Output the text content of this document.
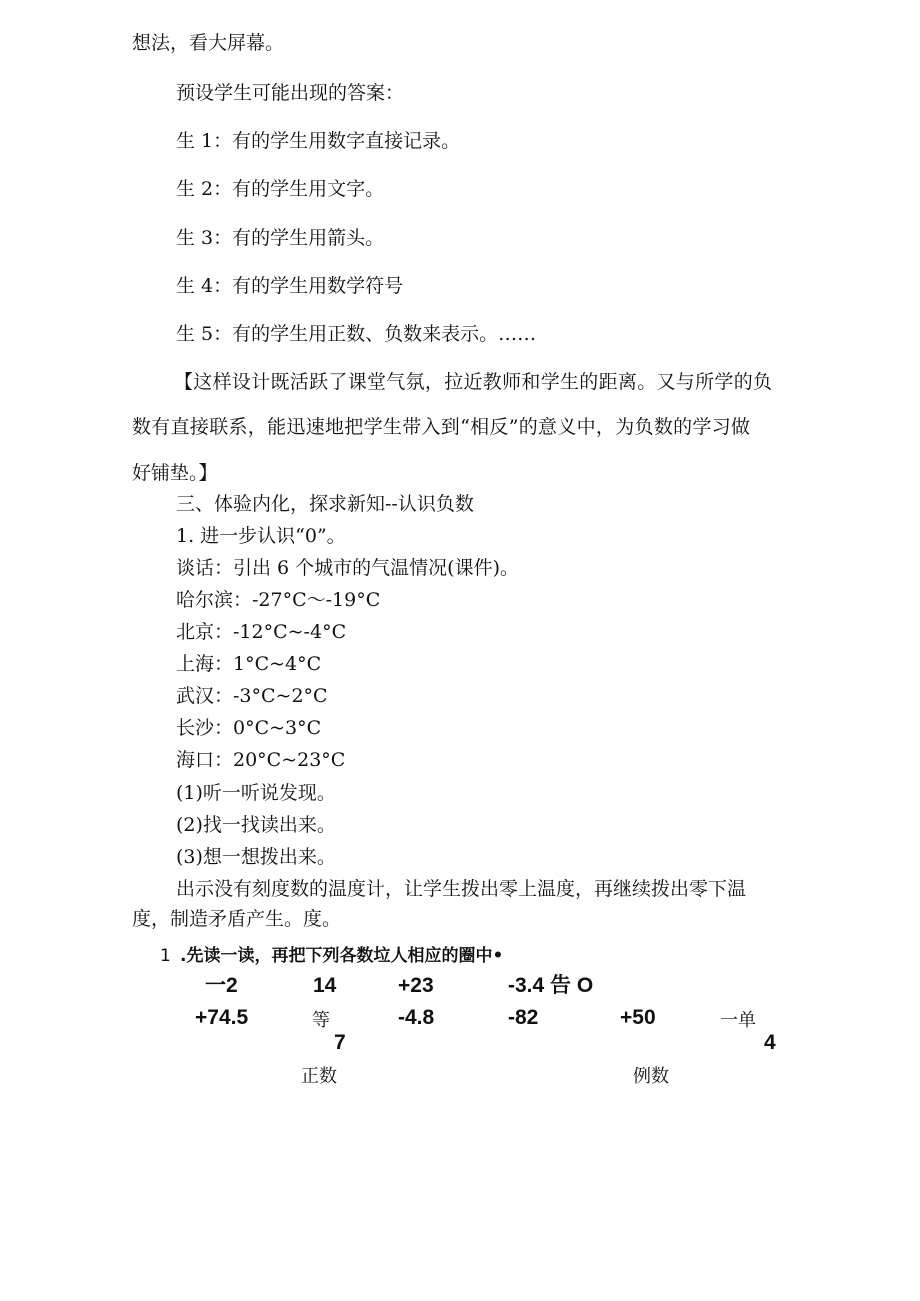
想法，看大屏幕。
预设学生可能出现的答案：
生 1：有的学生用数字直接记录。
生 2：有的学生用文字。
生 3：有的学生用箭头。
生 4：有的学生用数学符号
生 5：有的学生用正数、负数来表示。……
【这样设计既活跃了课堂气氛，拉近教师和学生的距离。又与所学的负
数有直接联系，能迅速地把学生带入到“相反”的意义中，为负数的学习做
好铺垫。】
三、体验内化，探求新知--认识负数
1. 进一步认识“0”。
谈话：引出 6 个城市的气温情况(课件)。
哈尔滨：-27°C～-19°C
北京：-12°C~-4°C
上海：1°C~4°C
武汉：-3°C~2°C
长沙：0°C~3°C
海口：20°C~23°C
(1)听一听说发现。
(2)找一找读出来。
(3)想一想拨出来。
出示没有刻度数的温度计，让学生拨出零上温度，再继续拨出零下温
度，制造矛盾产生。度。
1 .先读一读，再把下列各数垃人相应的圈中•
一2	14	+23	-3.4 告 O
+74.5	等	-4.8	-82	+50	一单
7	4
正数	例数
